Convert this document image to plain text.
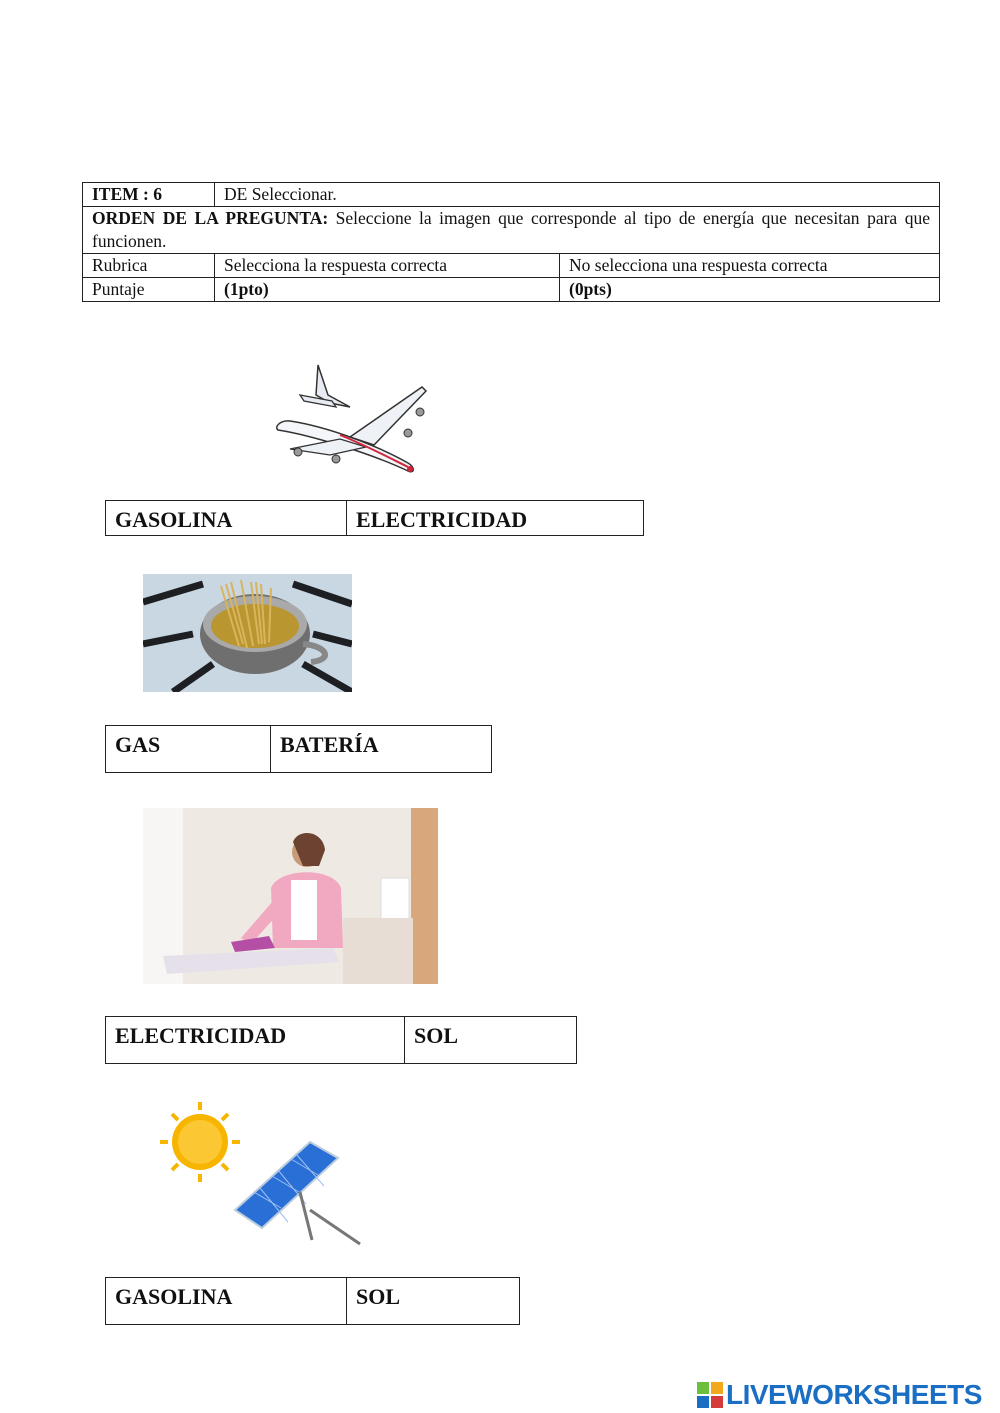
ITEM : 6	DE Seleccionar.	
ORDEN DE LA PREGUNTA: Seleccione la imagen que corresponde al tipo de energía que necesitan para que funcionen.		
Rubrica	Selecciona la respuesta correcta	No selecciona una respuesta correcta
Puntaje	(1pto)	(0pts)
GASOLINA	ELECTRICIDAD
GAS	BATERÍA
ELECTRICIDAD	SOL
GASOLINA	SOL
LIVEWORKSHEETS
